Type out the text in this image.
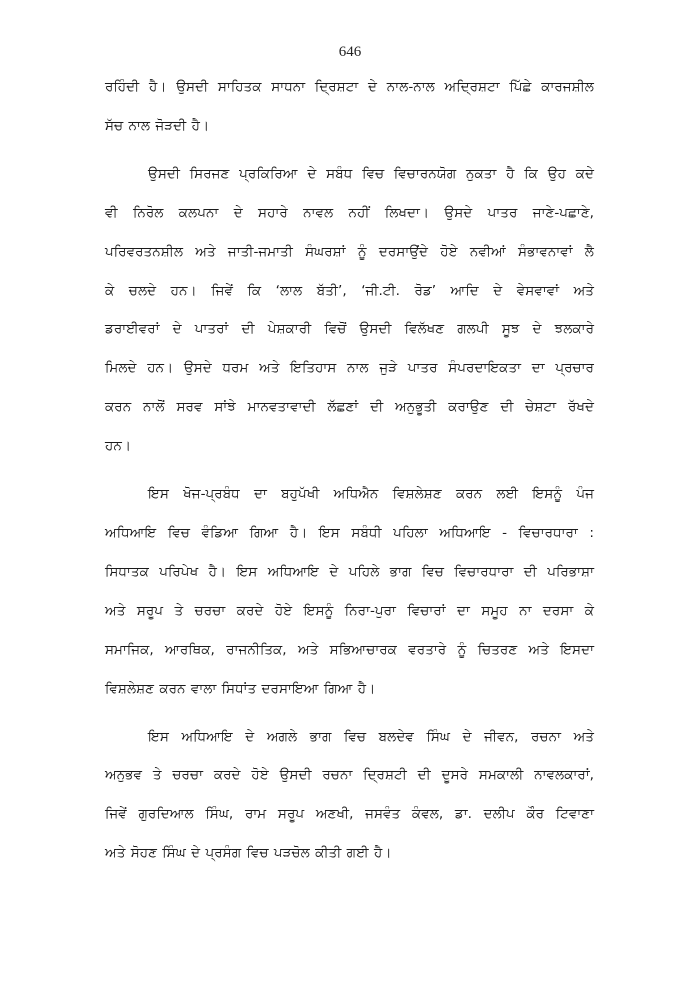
646

ਰਹਿੰਦੀ ਹੈ। ਉਸਦੀ ਸਾਹਿਤਕ ਸਾਧਨਾ ਦ੍ਰਿਸ਼ਟਾ ਦੇ ਨਾਲ-ਨਾਲ ਅਦ੍ਰਿਸ਼ਟਾ ਪਿੱਛੇ ਕਾਰਜਸ਼ੀਲ
ਸੱਚ ਨਾਲ ਜੋੜਦੀ ਹੈ।

ਉਸਦੀ ਸਿਰਜਣ ਪ੍ਰਕਿਰਿਆ ਦੇ ਸਬੰਧ ਵਿਚ ਵਿਚਾਰਨਯੋਗ ਨੁਕਤਾ ਹੈ ਕਿ ਉਹ ਕਦੇ
ਵੀ ਨਿਰੋਲ ਕਲਪਨਾ ਦੇ ਸਹਾਰੇ ਨਾਵਲ ਨਹੀਂ ਲਿਖਦਾ। ਉਸਦੇ ਪਾਤਰ ਜਾਣੇ-ਪਛਾਣੇ,
ਪਰਿਵਰਤਨਸ਼ੀਲ ਅਤੇ ਜਾਤੀ-ਜਮਾਤੀ ਸੰਘਰਸ਼ਾਂ ਨੂੰ ਦਰਸਾਉਂਦੇ ਹੋਏ ਨਵੀਆਂ ਸੰਭਾਵਨਾਵਾਂ ਲੈ
ਕੇ ਚਲਦੇ ਹਨ। ਜਿਵੇਂ ਕਿ ‘ਲਾਲ ਬੱਤੀ’, ‘ਜੀ.ਟੀ. ਰੋਡ’ ਆਦਿ ਦੇ ਵੇਸਵਾਵਾਂ ਅਤੇ
ਡਰਾਈਵਰਾਂ ਦੇ ਪਾਤਰਾਂ ਦੀ ਪੇਸ਼ਕਾਰੀ ਵਿਚੋਂ ਉਸਦੀ ਵਿਲੱਖਣ ਗਲਪੀ ਸੂਝ ਦੇ ਝਲਕਾਰੇ
ਮਿਲਦੇ ਹਨ। ਉਸਦੇ ਧਰਮ ਅਤੇ ਇਤਿਹਾਸ ਨਾਲ ਜੁੜੇ ਪਾਤਰ ਸੰਪਰਦਾਇਕਤਾ ਦਾ ਪ੍ਰਚਾਰ
ਕਰਨ ਨਾਲੋਂ ਸਰਵ ਸਾਂਝੇ ਮਾਨਵਤਾਵਾਦੀ ਲੱਛਣਾਂ ਦੀ ਅਨੁਭੂਤੀ ਕਰਾਉਣ ਦੀ ਚੇਸ਼ਟਾ ਰੱਖਦੇ
ਹਨ।

ਇਸ ਖੋਜ-ਪ੍ਰਬੰਧ ਦਾ ਬਹੁਪੱਖੀ ਅਧਿਐਨ ਵਿਸ਼ਲੇਸ਼ਣ ਕਰਨ ਲਈ ਇਸਨੂੰ ਪੰਜ
ਅਧਿਆਇ ਵਿਚ ਵੰਡਿਆ ਗਿਆ ਹੈ। ਇਸ ਸਬੰਧੀ ਪਹਿਲਾ ਅਧਿਆਇ - ਵਿਚਾਰਧਾਰਾ :
ਸਿਧਾਤਕ ਪਰਿਪੇਖ ਹੈ। ਇਸ ਅਧਿਆਇ ਦੇ ਪਹਿਲੇ ਭਾਗ ਵਿਚ ਵਿਚਾਰਧਾਰਾ ਦੀ ਪਰਿਭਾਸ਼ਾ
ਅਤੇ ਸਰੂਪ ਤੇ ਚਰਚਾ ਕਰਦੇ ਹੋਏ ਇਸਨੂੰ ਨਿਰਾ-ਪੁਰਾ ਵਿਚਾਰਾਂ ਦਾ ਸਮੂਹ ਨਾ ਦਰਸਾ ਕੇ
ਸਮਾਜਿਕ, ਆਰਥਿਕ, ਰਾਜਨੀਤਿਕ, ਅਤੇ ਸਭਿਆਚਾਰਕ ਵਰਤਾਰੇ ਨੂੰ ਚਿਤਰਣ ਅਤੇ ਇਸਦਾ
ਵਿਸ਼ਲੇਸ਼ਣ ਕਰਨ ਵਾਲਾ ਸਿਧਾਂਤ ਦਰਸਾਇਆ ਗਿਆ ਹੈ।

ਇਸ ਅਧਿਆਇ ਦੇ ਅਗਲੇ ਭਾਗ ਵਿਚ ਬਲਦੇਵ ਸਿੰਘ ਦੇ ਜੀਵਨ, ਰਚਨਾ ਅਤੇ
ਅਨੁਭਵ ਤੇ ਚਰਚਾ ਕਰਦੇ ਹੋਏ ਉਸਦੀ ਰਚਨਾ ਦ੍ਰਿਸ਼ਟੀ ਦੀ ਦੂਸਰੇ ਸਮਕਾਲੀ ਨਾਵਲਕਾਰਾਂ,
ਜਿਵੇਂ ਗੁਰਦਿਆਲ ਸਿੰਘ, ਰਾਮ ਸਰੂਪ ਅਣਖੀ, ਜਸਵੰਤ ਕੰਵਲ, ਡਾ. ਦਲੀਪ ਕੌਰ ਟਿਵਾਣਾ
ਅਤੇ ਸੋਹਣ ਸਿੰਘ ਦੇ ਪ੍ਰਸੰਗ ਵਿਚ ਪੜਚੋਲ ਕੀਤੀ ਗਈ ਹੈ।
